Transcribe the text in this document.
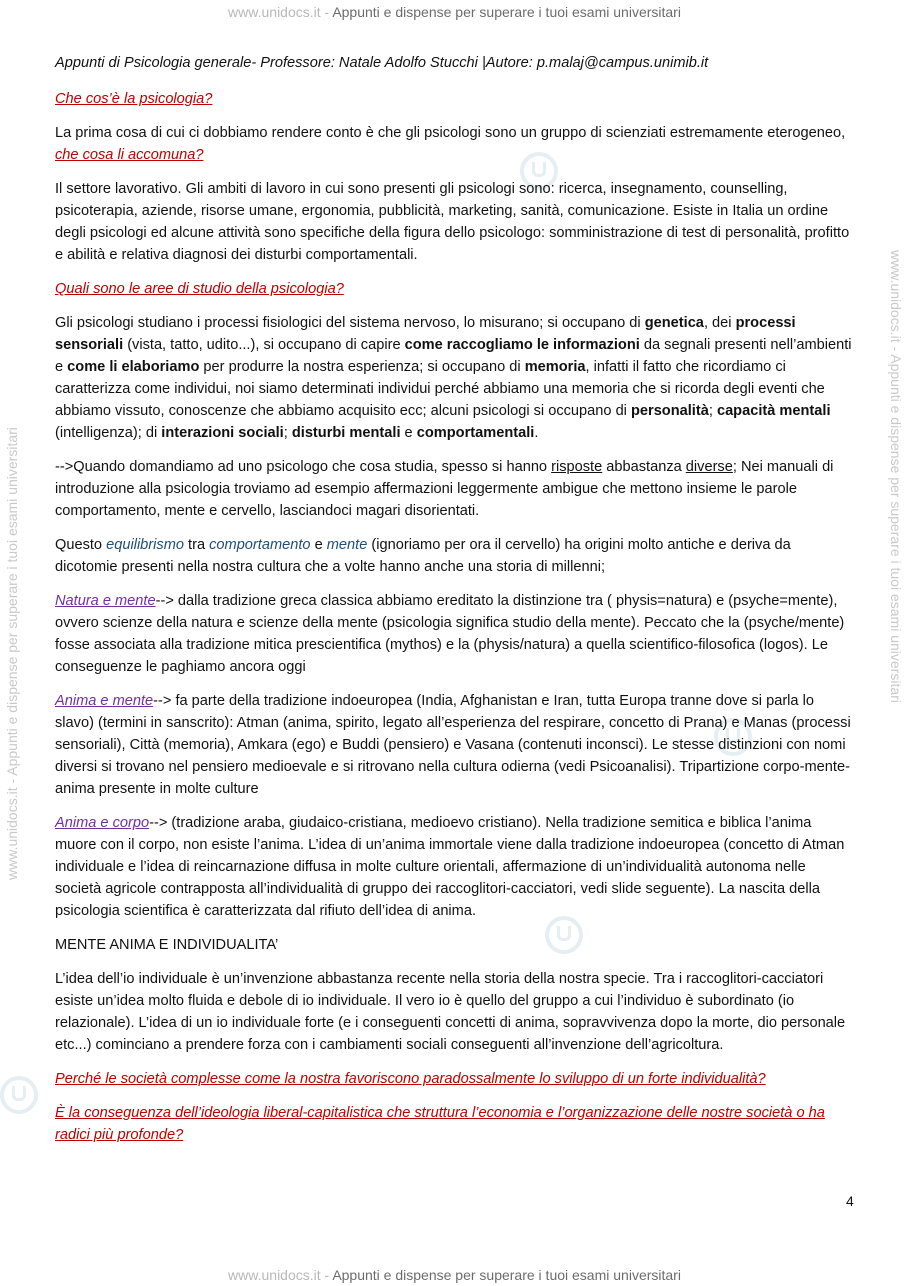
www.unidocs.it - Appunti e dispense per superare i tuoi esami universitari
www.unidocs.it - Appunti e dispense per superare i tuoi esami universitari	www.unidocs.it - Appunti e dispense per superare i tuoi esami universitari

Appunti di Psicologia generale- Professore: Natale Adolfo Stucchi |Autore: p.malaj@campus.unimib.it

Che cos’è la psicologia?

La prima cosa di cui ci dobbiamo rendere conto è che gli psicologi sono un gruppo di scienziati estremamente eterogeneo, che cosa li accomuna?

Il settore lavorativo. Gli ambiti di lavoro in cui sono presenti gli psicologi sono: ricerca, insegnamento, counselling, psicoterapia, aziende, risorse umane, ergonomia, pubblicità, marketing, sanità, comunicazione. Esiste in Italia un ordine degli psicologi ed alcune attività sono specifiche della figura dello psicologo: somministrazione di test di personalità, profitto e abilità e relativa diagnosi dei disturbi comportamentali.

Quali sono le aree di studio della psicologia?

Gli psicologi studiano i processi fisiologici del sistema nervoso, lo misurano; si occupano di genetica, dei processi sensoriali (vista, tatto, udito...), si occupano di capire come raccogliamo le informazioni da segnali presenti nell’ambienti e come li elaboriamo per produrre la nostra esperienza; si occupano di memoria, infatti il fatto che ricordiamo ci caratterizza come individui, noi siamo determinati individui perché abbiamo una memoria che si ricorda degli eventi che abbiamo vissuto, conoscenze che abbiamo acquisito ecc; alcuni psicologi si occupano di personalità; capacità mentali (intelligenza); di interazioni sociali; disturbi mentali e comportamentali.

-->Quando domandiamo ad uno psicologo che cosa studia, spesso si hanno risposte abbastanza diverse; Nei manuali di introduzione alla psicologia troviamo ad esempio affermazioni leggermente ambigue che mettono insieme le parole comportamento, mente e cervello, lasciandoci magari disorientati.

Questo equilibrismo tra comportamento e mente (ignoriamo per ora il cervello) ha origini molto antiche e deriva da dicotomie presenti nella nostra cultura che a volte hanno anche una storia di millenni;

Natura e mente--> dalla tradizione greca classica abbiamo ereditato la distinzione tra ( physis=natura) e (psyche=mente), ovvero scienze della natura e scienze della mente (psicologia significa studio della mente). Peccato che la (psyche/mente) fosse associata alla tradizione mitica prescientifica (mythos) e la (physis/natura) a quella scientifico-filosofica (logos). Le conseguenze le paghiamo ancora oggi

Anima e mente--> fa parte della tradizione indoeuropea (India, Afghanistan e Iran, tutta Europa tranne dove si parla lo slavo) (termini in sanscrito): Atman (anima, spirito, legato all’esperienza del respirare, concetto di Prana) e Manas (processi sensoriali), Città (memoria), Amkara (ego) e Buddi (pensiero) e Vasana (contenuti inconsci). Le stesse distinzioni con nomi diversi si trovano nel pensiero medioevale e si ritrovano nella cultura odierna (vedi Psicoanalisi). Tripartizione corpo-mente-anima presente in molte culture

Anima e corpo--> (tradizione araba, giudaico-cristiana, medioevo cristiano). Nella tradizione semitica e biblica l’anima muore con il corpo, non esiste l’anima. L’idea di un’anima immortale viene dalla tradizione indoeuropea (concetto di Atman individuale e l’idea di reincarnazione diffusa in molte culture orientali, affermazione di un’individualità autonoma nelle società agricole contrapposta all’individualità di gruppo dei raccoglitori-cacciatori, vedi slide seguente). La nascita della psicologia scientifica è caratterizzata dal rifiuto dell’idea di anima.

MENTE ANIMA E INDIVIDUALITA’

L’idea dell’io individuale è un’invenzione abbastanza recente nella storia della nostra specie. Tra i raccoglitori-cacciatori esiste un’idea molto fluida e debole di io individuale. Il vero io è quello del gruppo a cui l’individuo è subordinato (io relazionale). L’idea di un io individuale forte (e i conseguenti concetti di anima, sopravvivenza dopo la morte, dio personale etc...) cominciano a prendere forza con i cambiamenti sociali conseguenti all’invenzione dell’agricoltura.

Perché le società complesse come la nostra favoriscono paradossalmente lo sviluppo di un forte individualità?

È la conseguenza dell’ideologia liberal-capitalistica che struttura l’economia e l’organizzazione delle nostre società o ha radici più profonde?

4
www.unidocs.it - Appunti e dispense per superare i tuoi esami universitari
